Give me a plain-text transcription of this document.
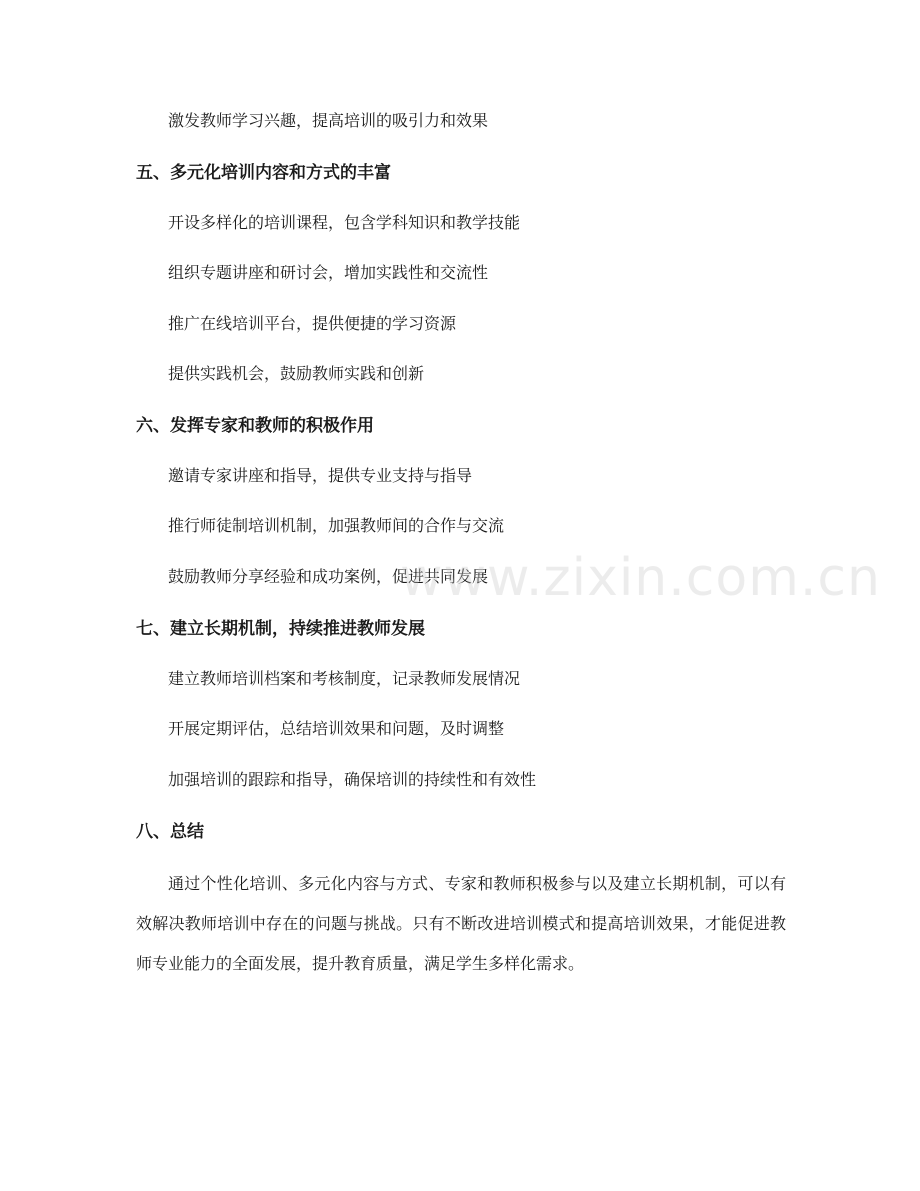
激发教师学习兴趣，提高培训的吸引力和效果
五、多元化培训内容和方式的丰富
开设多样化的培训课程，包含学科知识和教学技能
组织专题讲座和研讨会，增加实践性和交流性
推广在线培训平台，提供便捷的学习资源
提供实践机会，鼓励教师实践和创新
六、发挥专家和教师的积极作用
邀请专家讲座和指导，提供专业支持与指导
推行师徒制培训机制，加强教师间的合作与交流
鼓励教师分享经验和成功案例，促进共同发展
七、建立长期机制，持续推进教师发展
建立教师培训档案和考核制度，记录教师发展情况
开展定期评估，总结培训效果和问题，及时调整
加强培训的跟踪和指导，确保培训的持续性和有效性
八、总结
通过个性化培训、多元化内容与方式、专家和教师积极参与以及建立长期机制，可以有效解决教师培训中存在的问题与挑战。只有不断改进培训模式和提高培训效果，才能促进教师专业能力的全面发展，提升教育质量，满足学生多样化需求。
www.zixin.com.cn
